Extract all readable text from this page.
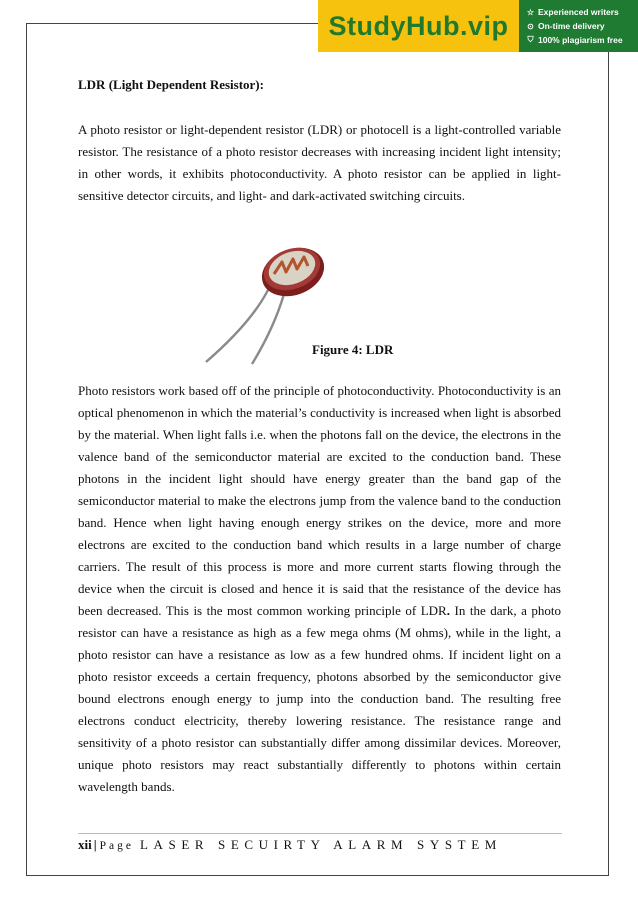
StudyHub.vip	☆ Experienced writers
⊙ On-time delivery
⛉ 100% plagiarism free
LDR (Light Dependent Resistor):

A photo resistor or light-dependent resistor (LDR) or photocell is a light-controlled variable resistor. The resistance of a photo resistor decreases with increasing incident light intensity; in other words, it exhibits photoconductivity. A photo resistor can be applied in light-sensitive detector circuits, and light- and dark-activated switching circuits.

Figure 4: LDR

Photo resistors work based off of the principle of photoconductivity. Photoconductivity is an optical phenomenon in which the material’s conductivity is increased when light is absorbed by the material. When light falls i.e. when the photons fall on the device, the electrons in the valence band of the semiconductor material are excited to the conduction band. These photons in the incident light should have energy greater than the band gap of the semiconductor material to make the electrons jump from the valence band to the conduction band. Hence when light having enough energy strikes on the device, more and more electrons are excited to the conduction band which results in a large number of charge carriers. The result of this process is more and more current starts flowing through the device when the circuit is closed and hence it is said that the resistance of the device has been decreased. This is the most common working principle of LDR. In the dark, a photo resistor can have a resistance as high as a few mega ohms (M ohms), while in the light, a photo resistor can have a resistance as low as a few hundred ohms. If incident light on a photo resistor exceeds a certain frequency, photons absorbed by the semiconductor give bound electrons enough energy to jump into the conduction band. The resulting free electrons conduct electricity, thereby lowering resistance. The resistance range and sensitivity of a photo resistor can substantially differ among dissimilar devices. Moreover, unique photo resistors may react substantially differently to photons within certain wavelength bands.

xii | Page LASER SECUIRTY ALARM SYSTEM
